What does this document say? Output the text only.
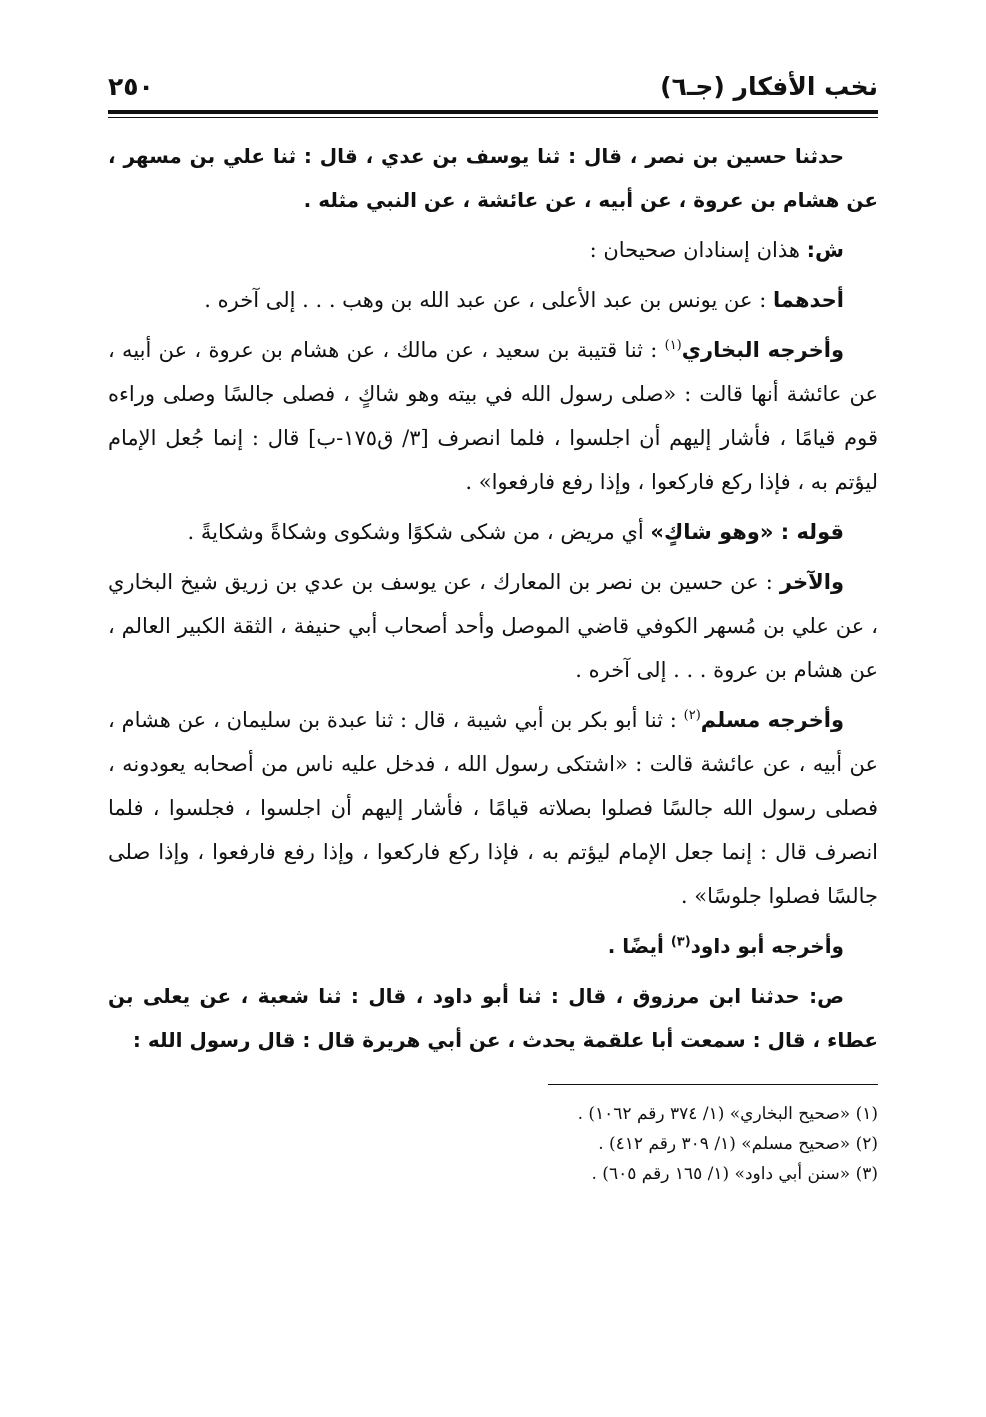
نخب الأفكار (جـ٦)
٢٥٠

حدثنا حسين بن نصر ، قال : ثنا يوسف بن عدي ، قال : ثنا علي بن مسهر ، عن هشام بن عروة ، عن أبيه ، عن عائشة ، عن النبي مثله .

ش: هذان إسنادان صحيحان :

أحدهما : عن يونس بن عبد الأعلى ، عن عبد الله بن وهب . . . إلى آخره .

وأخرجه البخاري$^{(١)}$ : ثنا قتيبة بن سعيد ، عن مالك ، عن هشام بن عروة ، عن أبيه ، عن عائشة أنها قالت : «صلى رسول الله في بيته وهو شاكٍ ، فصلى جالسًا وصلى وراءه قوم قيامًا ، فأشار إليهم أن اجلسوا ، فلما انصرف [٣/ ق١٧٥-ب] قال : إنما جُعل الإمام ليؤتم به ، فإذا ركع فاركعوا ، وإذا رفع فارفعوا» .

قوله : «وهو شاكٍ» أي مريض ، من شكى شكوًا وشكوى وشكاةً وشكايةً .

والآخر : عن حسين بن نصر بن المعارك ، عن يوسف بن عدي بن زريق شيخ البخاري ، عن علي بن مُسهر الكوفي قاضي الموصل وأحد أصحاب أبي حنيفة ، الثقة الكبير العالم ، عن هشام بن عروة . . . إلى آخره .

وأخرجه مسلم$^{(٢)}$ : ثنا أبو بكر بن أبي شيبة ، قال : ثنا عبدة بن سليمان ، عن هشام ، عن أبيه ، عن عائشة قالت : «اشتكى رسول الله ، فدخل عليه ناس من أصحابه يعودونه ، فصلى رسول الله جالسًا فصلوا بصلاته قيامًا ، فأشار إليهم أن اجلسوا ، فجلسوا ، فلما انصرف قال : إنما جعل الإمام ليؤتم به ، فإذا ركع فاركعوا ، وإذا رفع فارفعوا ، وإذا صلى جالسًا فصلوا جلوسًا» .

وأخرجه أبو داود$^{(٣)}$ أيضًا .

ص: حدثنا ابن مرزوق ، قال : ثنا أبو داود ، قال : ثنا شعبة ، عن يعلى بن عطاء ، قال : سمعت أبا علقمة يحدث ، عن أبي هريرة قال : قال رسول الله :

(١) «صحيح البخاري» (١/ ٣٧٤ رقم ١٠٦٢) .

(٢) «صحيح مسلم» (١/ ٣٠٩ رقم ٤١٢) .

(٣) «سنن أبي داود» (١/ ١٦٥ رقم ٦٠٥) .
